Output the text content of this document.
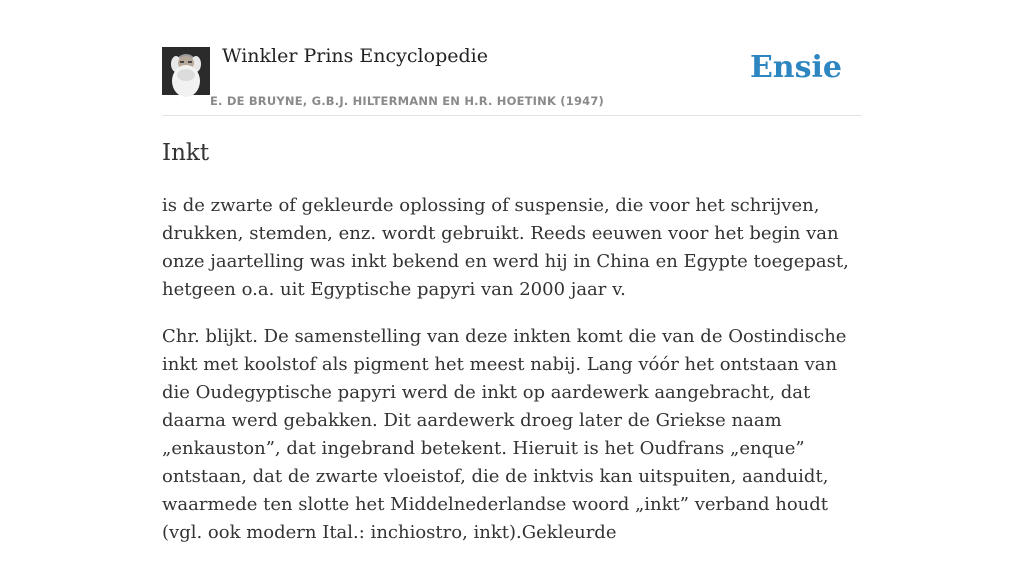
Winkler Prins Encyclopedie
E. DE BRUYNE, G.B.J. HILTERMANN EN H.R. HOETINK (1947)
Ensie
Inkt

is de zwarte of gekleurde oplossing of suspensie, die voor het schrijven, drukken, stemden, enz. wordt gebruikt. Reeds eeuwen voor het begin van onze jaartelling was inkt bekend en werd hij in China en Egypte toegepast, hetgeen o.a. uit Egyptische papyri van 2000 jaar v.

Chr. blijkt. De samenstelling van deze inkten komt die van de Oostindische inkt met koolstof als pigment het meest nabij. Lang vóór het ontstaan van die Oudegyptische papyri werd de inkt op aardewerk aangebracht, dat daarna werd gebakken. Dit aardewerk droeg later de Griekse naam „enkauston”, dat ingebrand betekent. Hieruit is het Oudfrans „enque” ontstaan, dat de zwarte vloeistof, die de inktvis kan uitspuiten, aanduidt, waarmede ten slotte het Middelnederlandse woord „inkt” verband houdt (vgl. ook modern Ital.: inchiostro, inkt).Gekleurde
